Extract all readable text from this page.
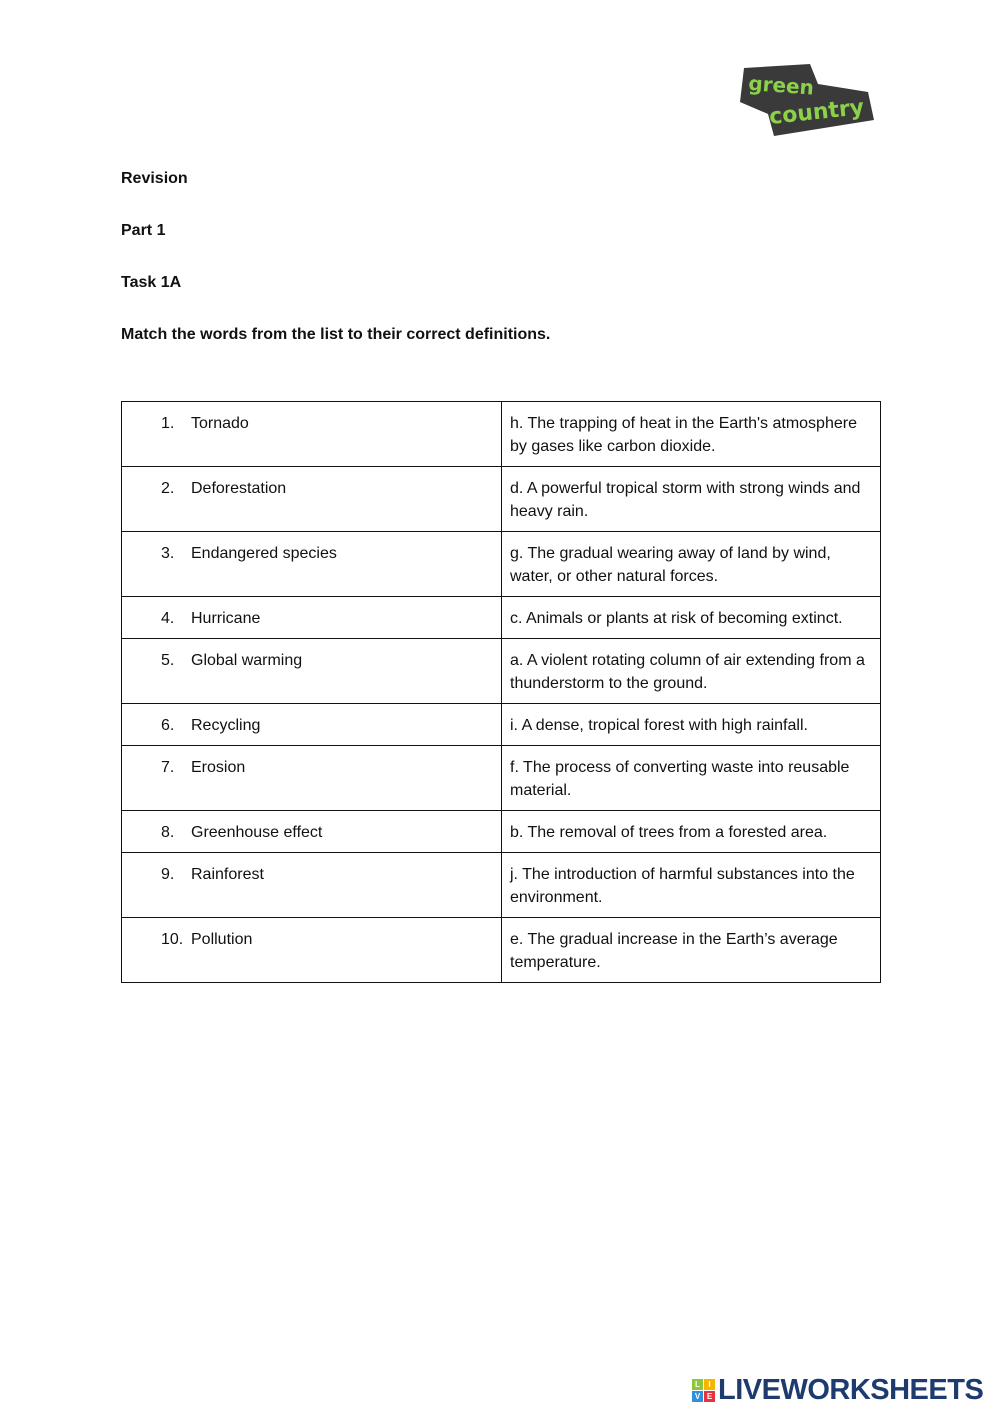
green
country
Revision
Part 1
Task 1A
Match the words from the list to their correct definitions.
1. Tornado	h. The trapping of heat in the Earth's atmosphere by gases like carbon dioxide.
2. Deforestation	d. A powerful tropical storm with strong winds and heavy rain.
3. Endangered species	g. The gradual wearing away of land by wind, water, or other natural forces.
4. Hurricane	c. Animals or plants at risk of becoming extinct.
5. Global warming	a. A violent rotating column of air extending from a thunderstorm to the ground.
6. Recycling	i. A dense, tropical forest with high rainfall.
7. Erosion	f. The process of converting waste into reusable material.
8. Greenhouse effect	b. The removal of trees from a forested area.
9. Rainforest	j. The introduction of harmful substances into the environment.
10. Pollution	e. The gradual increase in the Earth’s average temperature.
L	I
V E LIVEWORKSHEETS
